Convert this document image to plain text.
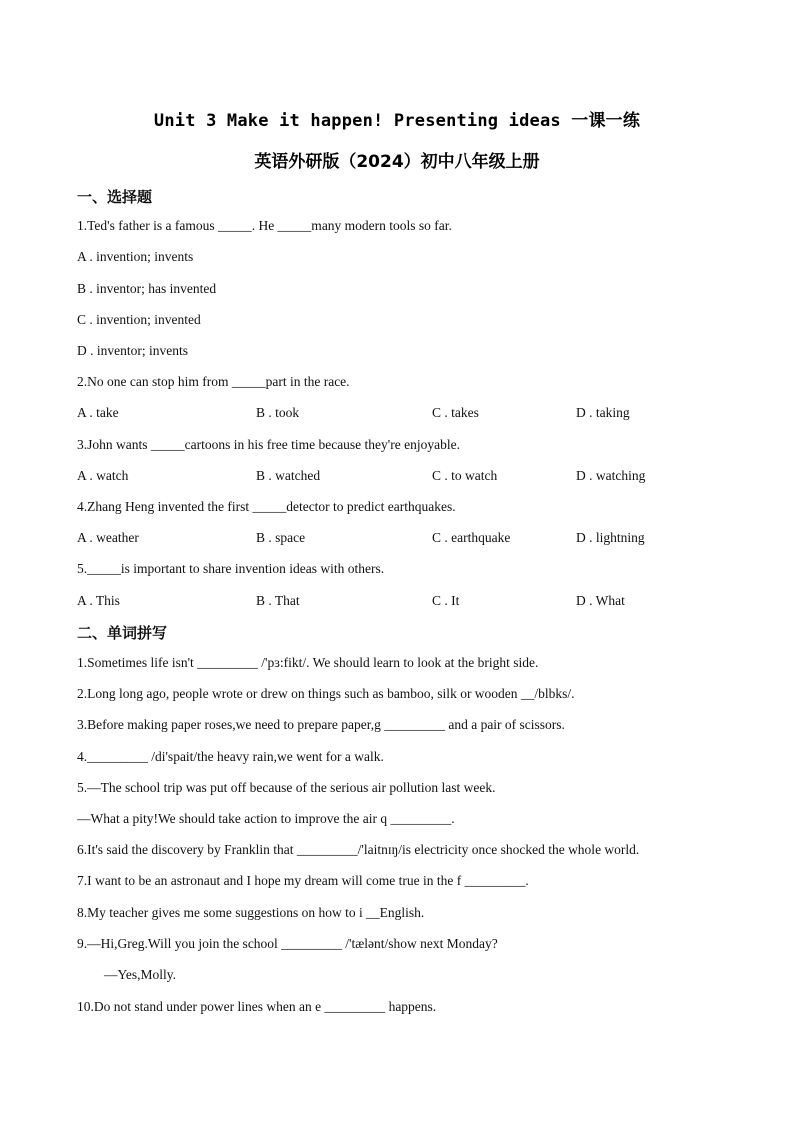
Unit 3 Make it happen! Presenting ideas 一课一练
英语外研版（2024）初中八年级上册
一、选择题
1.Ted's father is a famous _____. He _____many modern tools so far.
A . invention; invents
B . inventor; has invented
C . invention; invented
D . inventor; invents
2.No one can stop him from _____part in the race.
A . take	B . took	C . takes	D . taking
3.John wants _____cartoons in his free time because they're enjoyable.
A . watch	B . watched	C . to watch	D . watching
4.Zhang Heng invented the first _____detector to predict earthquakes.
A . weather	B . space	C . earthquake	D . lightning
5._____is important to share invention ideas with others.
A . This	B . That	C . It	D . What
二、单词拼写
1.Sometimes life isn't _________ /'pɜ:fikt/. We should learn to look at the bright side.
2.Long long ago, people wrote or drew on things such as bamboo, silk or wooden __/blbks/.
3.Before making paper roses,we need to prepare paper,g _________ and a pair of scissors.
4._________ /di'spait/the heavy rain,we went for a walk.
5.—The school trip was put off because of the serious air pollution last week.
—What a pity!We should take action to improve the air q _________.
6.It's said the discovery by Franklin that _________/'laitnɪŋ/is electricity once shocked the whole world.
7.I want to be an astronaut and I hope my dream will come true in the f _________.
8.My teacher gives me some suggestions on how to i __English.
9.—Hi,Greg.Will you join the school _________ /'tælənt/show next Monday?
—Yes,Molly.
10.Do not stand under power lines when an e _________ happens.
